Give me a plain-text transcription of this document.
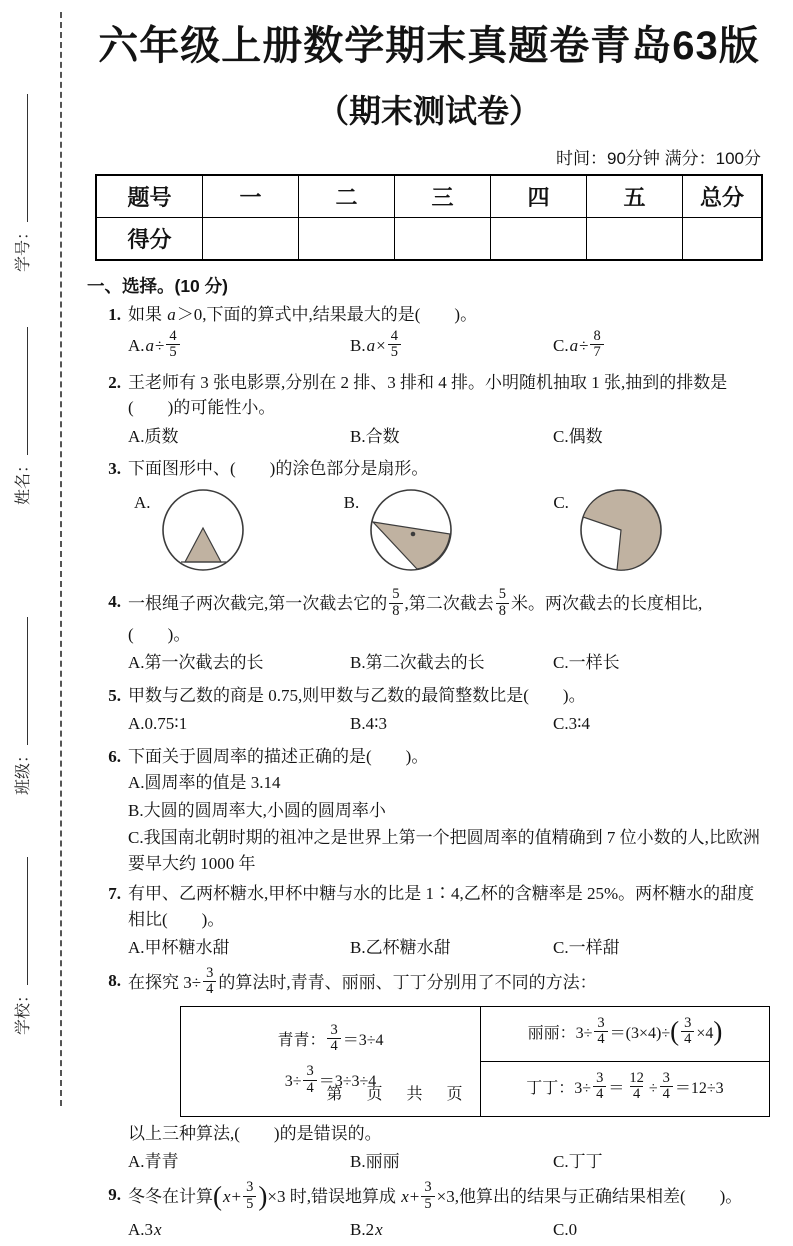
学号：
姓名：
班级：
学校：
六年级上册数学期末真题卷青岛63版
（期末测试卷）
时间：90分钟 满分：100分
题号	一	二	三	四	五	总分
得分						
一、选择。(10 分)
1. 如果 a＞0,下面的算式中,结果最大的是(　　)。
$A.a\div \frac{4}{5}$	$B.a\times \frac{4}{5}$	$C.a\div \frac{8}{7}$
2. 王老师有 3 张电影票,分别在 2 排、3 排和 4 排。小明随机抽取 1 张,抽到的排数是(　　)的可能性小。
A.质数	B.合数	C.偶数
3. 下面图形中、(　　)的涂色部分是扇形。
A.	B.	C.
4. 一根绳子两次截完,第一次截去它的 $\frac{5}{8}$ ,第二次截去 $\frac{5}{8}$ 米。两次截去的长度相比,(　　)。
A.第一次截去的长	B.第二次截去的长	C.一样长
5. 甲数与乙数的商是 0.75,则甲数与乙数的最简整数比是(　　)。
A.0.75∶1	B.4∶3	C.3∶4
6. 下面关于圆周率的描述正确的是(　　)。
A.圆周率的值是 3.14
B.大圆的圆周率大,小圆的圆周率小
C.我国南北朝时期的祖冲之是世界上第一个把圆周率的值精确到 7 位小数的人,比欧洲要早大约 1000 年
7. 有甲、乙两杯糖水,甲杯中糖与水的比是 1∶4,乙杯的含糖率是 25%。两杯糖水的甜度相比(　　)。
A.甲杯糖水甜	B.乙杯糖水甜	C.一样甜
8. 在探究 $3\div \frac{3}{4}$ 的算法时,青青、丽丽、丁丁分别用了不同的方法：
青青： $\frac{3}{4} =3\div 4$
$3\div \frac{3}{4} =3\div 3\div 4$
丽丽：$3\div \frac{3}{4} =(3\times 4)\div$ ( $\frac{3}{4} \times 4$ )
丁丁：$3\div \frac{3}{4} = \frac{12}{4} \div \frac{3}{4} =12\div 3$
以上三种算法,(　　)的是错误的。
A.青青	B.丽丽	C.丁丁
9. 冬冬在计算$(x+ \frac{3}{5} )\times 3$ 时,错误地算成 $x+ \frac{3}{5} \times 3$,他算出的结果与正确结果相差(　　)。
A.3x	B.2x	C.0
第　页　共　页
